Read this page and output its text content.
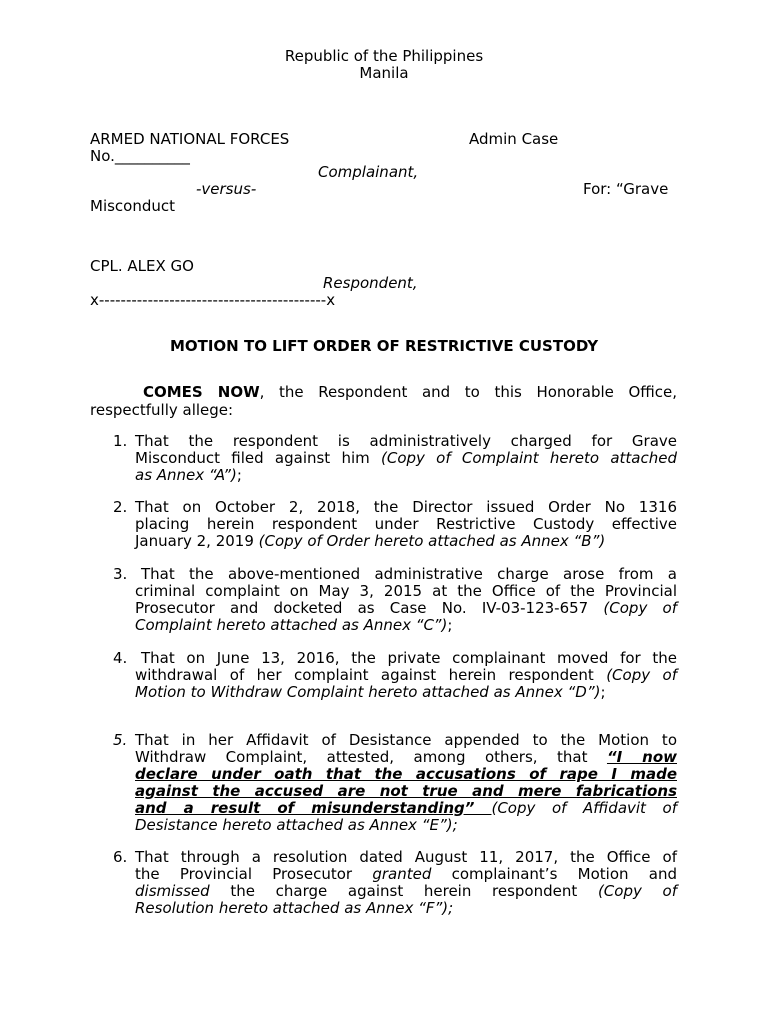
Republic of the Philippines
Manila
ARMED NATIONAL FORCES	Admin Case
No.__________
Complainant,
-versus-	For: “Grave
Misconduct
CPL. ALEX GO
Respondent,
x------------------------------------------x
MOTION TO LIFT ORDER OF RESTRICTIVE CUSTODY
COMES NOW, the Respondent and to this Honorable Office,
respectfully allege:
1. That the respondent is administratively charged for Grave
Misconduct filed against him (Copy of Complaint hereto attached
as Annex “A”);
2. That on October 2, 2018, the Director issued Order No 1316
placing herein respondent under Restrictive Custody effective
January 2, 2019 (Copy of Order hereto attached as Annex “B”)
3. That the above-mentioned administrative charge arose from a
criminal complaint on May 3, 2015 at the Office of the Provincial
Prosecutor and docketed as Case No. IV-03-123-657 (Copy of
Complaint hereto attached as Annex “C”);
4. That on June 13, 2016, the private complainant moved for the
withdrawal of her complaint against herein respondent (Copy of
Motion to Withdraw Complaint hereto attached as Annex “D”);
5. That in her Affidavit of Desistance appended to the Motion to
Withdraw Complaint, attested, among others, that “I now
declare under oath that the accusations of rape I made
against the accused are not true and mere fabrications
and a result of misunderstanding” (Copy of Affidavit of
Desistance hereto attached as Annex “E”);
6. That through a resolution dated August 11, 2017, the Office of
the Provincial Prosecutor granted complainant’s Motion and
dismissed the charge against herein respondent (Copy of
Resolution hereto attached as Annex “F”);
